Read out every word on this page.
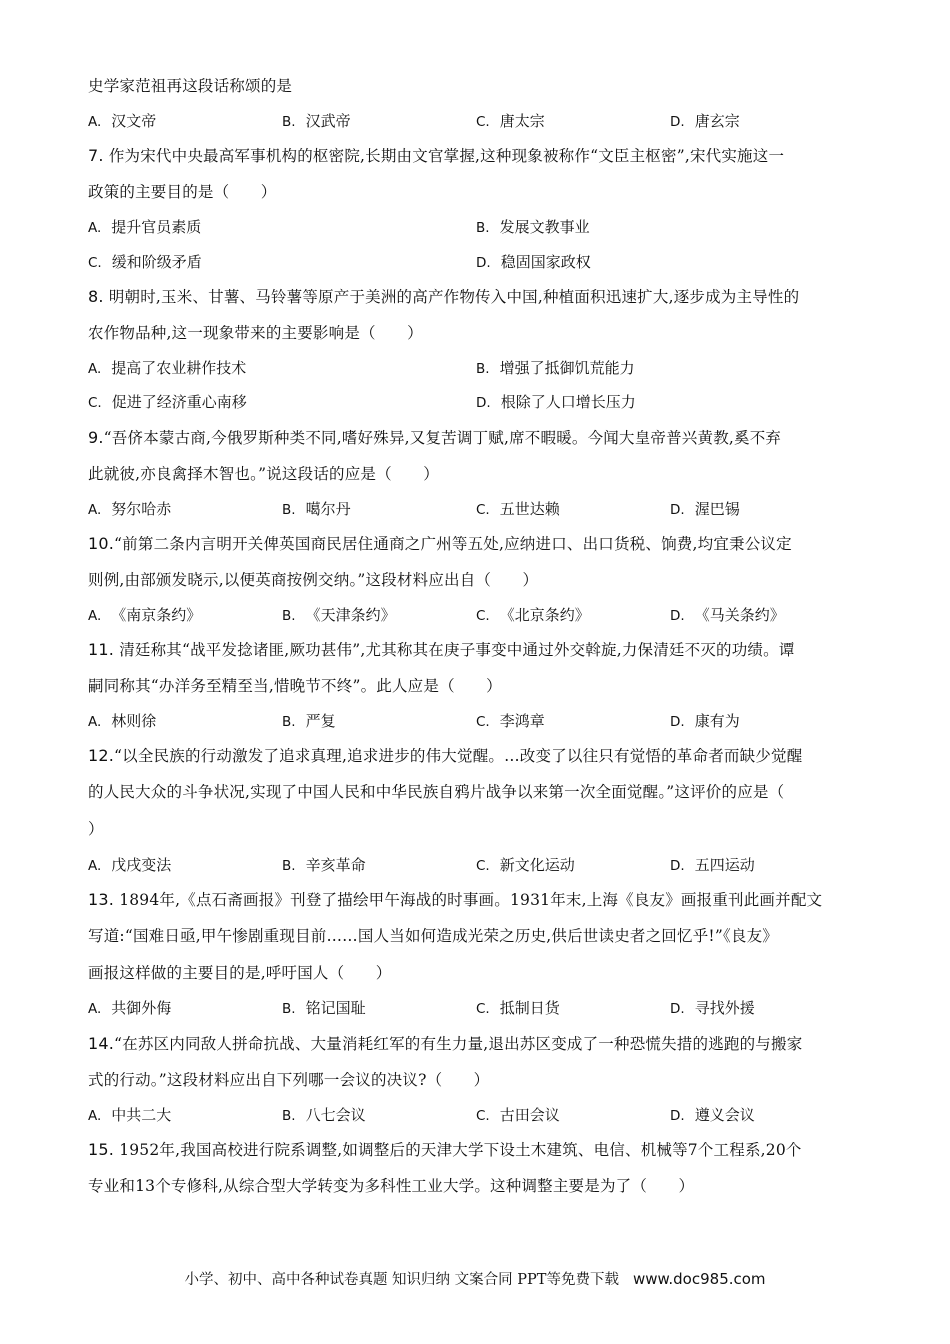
史学家范祖再这段话称颂的是
A. 汉文帝	B. 汉武帝	C. 唐太宗	D. 唐玄宗
7. 作为宋代中央最高军事机构的枢密院,长期由文官掌握,这种现象被称作“文臣主枢密”,宋代实施这一
政策的主要目的是（　　）
A. 提升官员素质	B. 发展文教事业
C. 缓和阶级矛盾	D. 稳固国家政权
8. 明朝时,玉米、甘薯、马铃薯等原产于美洲的高产作物传入中国,种植面积迅速扩大,逐步成为主导性的
农作物品种,这一现象带来的主要影响是（　　）
A. 提高了农业耕作技术	B. 增强了抵御饥荒能力
C. 促进了经济重心南移	D. 根除了人口增长压力
9.“吾侪本蒙古商,今俄罗斯种类不同,嗜好殊异,又复苦调丁赋,席不暇暖。今闻大皇帝普兴黄教,奚不弃
此就彼,亦良禽择木智也。”说这段话的应是（　　）
A. 努尔哈赤	B. 噶尔丹	C. 五世达赖	D. 渥巴锡
10.“前第二条内言明开关俾英国商民居住通商之广州等五处,应纳进口、出口货税、饷费,均宜秉公议定
则例,由部颁发晓示,以便英商按例交纳。”这段材料应出自（　　）
A. 《南京条约》	B. 《天津条约》	C. 《北京条约》	D. 《马关条约》
11. 清廷称其“战平发捻诸匪,厥功甚伟”,尤其称其在庚子事变中通过外交斡旋,力保清廷不灭的功绩。谭
嗣同称其“办洋务至精至当,惜晚节不终”。此人应是（　　）
A. 林则徐	B. 严复	C. 李鸿章	D. 康有为
12.“以全民族的行动激发了追求真理,追求进步的伟大觉醒。…改变了以往只有觉悟的革命者而缺少觉醒
的人民大众的斗争状况,实现了中国人民和中华民族自鸦片战争以来第一次全面觉醒。”这评价的应是（
）
A. 戊戌变法	B. 辛亥革命	C. 新文化运动	D. 五四运动
13. 1894年,《点石斋画报》刊登了描绘甲午海战的时事画。1931年末,上海《良友》画报重刊此画并配文
写道:“国难日亟,甲午惨剧重现目前……国人当如何造成光荣之历史,供后世读史者之回忆乎!”《良友》
画报这样做的主要目的是,呼吁国人（　　）
A. 共御外侮	B. 铭记国耻	C. 抵制日货	D. 寻找外援
14.“在苏区内同敌人拼命抗战、大量消耗红军的有生力量,退出苏区变成了一种恐慌失措的逃跑的与搬家
式的行动。”这段材料应出自下列哪一会议的决议?（　　）
A. 中共二大	B. 八七会议	C. 古田会议	D. 遵义会议
15. 1952年,我国高校进行院系调整,如调整后的天津大学下设土木建筑、电信、机械等7个工程系,20个
专业和13个专修科,从综合型大学转变为多科性工业大学。这种调整主要是为了（　　）
小学、初中、高中各种试卷真题 知识归纳 文案合同 PPT等免费下载 www.doc985.com
